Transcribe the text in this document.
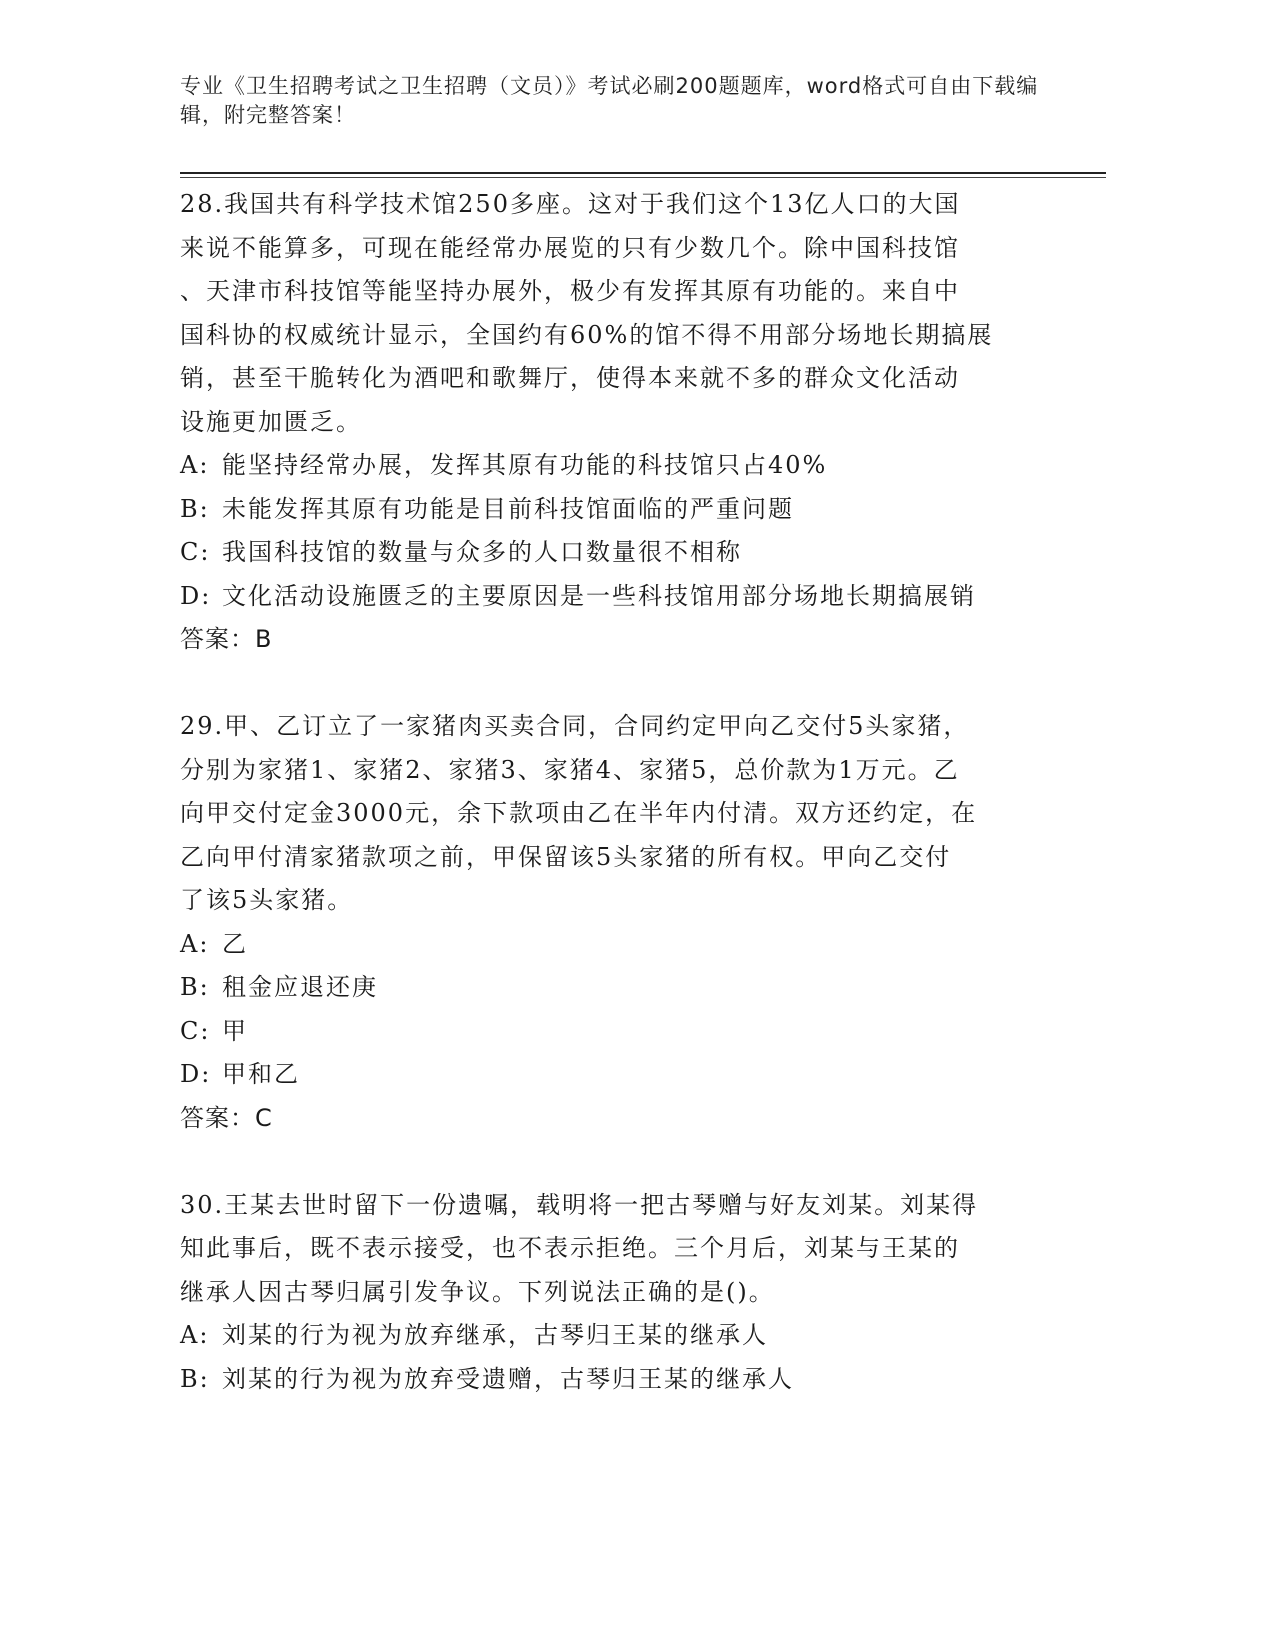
专业《卫生招聘考试之卫生招聘（文员）》考试必刷200题题库，word格式可自由下载编辑，附完整答案！
28.我国共有科学技术馆250多座。这对于我们这个13亿人口的大国
来说不能算多，可现在能经常办展览的只有少数几个。除中国科技馆
、天津市科技馆等能坚持办展外，极少有发挥其原有功能的。来自中
国科协的权威统计显示，全国约有60%的馆不得不用部分场地长期搞展
销，甚至干脆转化为酒吧和歌舞厅，使得本来就不多的群众文化活动
设施更加匮乏。
A: 能坚持经常办展，发挥其原有功能的科技馆只占40%
B: 未能发挥其原有功能是目前科技馆面临的严重问题
C: 我国科技馆的数量与众多的人口数量很不相称
D: 文化活动设施匮乏的主要原因是一些科技馆用部分场地长期搞展销
答案：B
29.甲、乙订立了一家猪肉买卖合同，合同约定甲向乙交付5头家猪，
分别为家猪1、家猪2、家猪3、家猪4、家猪5，总价款为1万元。乙
向甲交付定金3000元，余下款项由乙在半年内付清。双方还约定，在
乙向甲付清家猪款项之前，甲保留该5头家猪的所有权。甲向乙交付
了该5头家猪。
A: 乙
B: 租金应退还庚
C: 甲
D: 甲和乙
答案：C
30.王某去世时留下一份遗嘱，载明将一把古琴赠与好友刘某。刘某得
知此事后，既不表示接受，也不表示拒绝。三个月后，刘某与王某的
继承人因古琴归属引发争议。下列说法正确的是()。
A: 刘某的行为视为放弃继承，古琴归王某的继承人
B: 刘某的行为视为放弃受遗赠，古琴归王某的继承人
